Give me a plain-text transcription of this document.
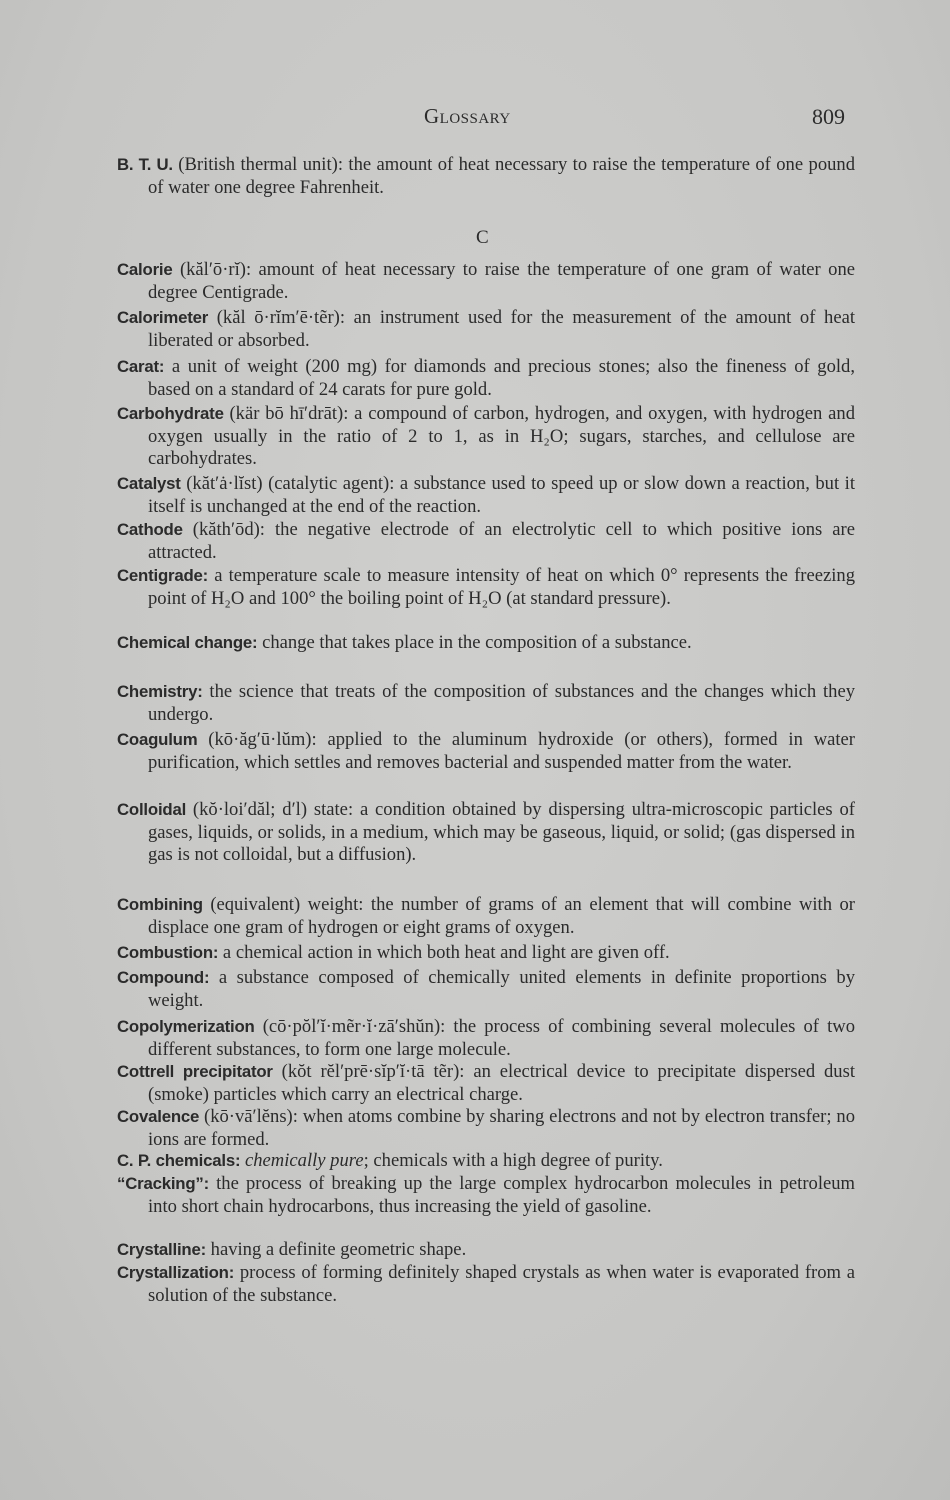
Glossary	809
C

B. T. U. (British thermal unit): the amount of heat necessary to raise the temperature of one pound of water one degree Fahrenheit.

Calorie (kăl′ō·rĭ): amount of heat necessary to raise the temperature of one gram of water one degree Centigrade.

Calorimeter (kăl ō·rĭm′ē·tẽr): an instrument used for the measurement of the amount of heat liberated or absorbed.

Carat: a unit of weight (200 mg) for diamonds and precious stones; also the fineness of gold, based on a standard of 24 carats for pure gold.

Carbohydrate (kär bō hī′drāt): a compound of carbon, hydrogen, and oxygen, with hydrogen and oxygen usually in the ratio of 2 to 1, as in H₂O; sugars, starches, and cellulose are carbohydrates.

Catalyst (kăt′ȧ·lĭst) (catalytic agent): a substance used to speed up or slow down a reaction, but it itself is unchanged at the end of the reaction.

Cathode (kăth′ōd): the negative electrode of an electrolytic cell to which positive ions are attracted.

Centigrade: a temperature scale to measure intensity of heat on which 0° represents the freezing point of H₂O and 100° the boiling point of H₂O (at standard pressure).

Chemical change: change that takes place in the composition of a substance.

Chemistry: the science that treats of the composition of substances and the changes which they undergo.

Coagulum (kō·ăg′ū·lŭm): applied to the aluminum hydroxide (or others), formed in water purification, which settles and removes bacterial and suspended matter from the water.

Colloidal (kŏ·loi′dăl; d′l) state: a condition obtained by dispersing ultra-microscopic particles of gases, liquids, or solids, in a medium, which may be gaseous, liquid, or solid; (gas dispersed in gas is not colloidal, but a diffusion).

Combining (equivalent) weight: the number of grams of an element that will combine with or displace one gram of hydrogen or eight grams of oxygen.

Combustion: a chemical action in which both heat and light are given off.

Compound: a substance composed of chemically united elements in definite proportions by weight.

Copolymerization (cō·pŏl′ĭ·mẽr·ĭ·zā′shŭn): the process of combining several molecules of two different substances, to form one large molecule.

Cottrell precipitator (kŏt rĕl′prē·sĭp′ĭ·tā tẽr): an electrical device to precipitate dispersed dust (smoke) particles which carry an electrical charge.

Covalence (kō·vā′lĕns): when atoms combine by sharing electrons and not by electron transfer; no ions are formed.

C. P. chemicals: chemically pure; chemicals with a high degree of purity.

“Cracking”: the process of breaking up the large complex hydrocarbon molecules in petroleum into short chain hydrocarbons, thus increasing the yield of gasoline.

Crystalline: having a definite geometric shape.

Crystallization: process of forming definitely shaped crystals as when water is evaporated from a solution of the substance.
